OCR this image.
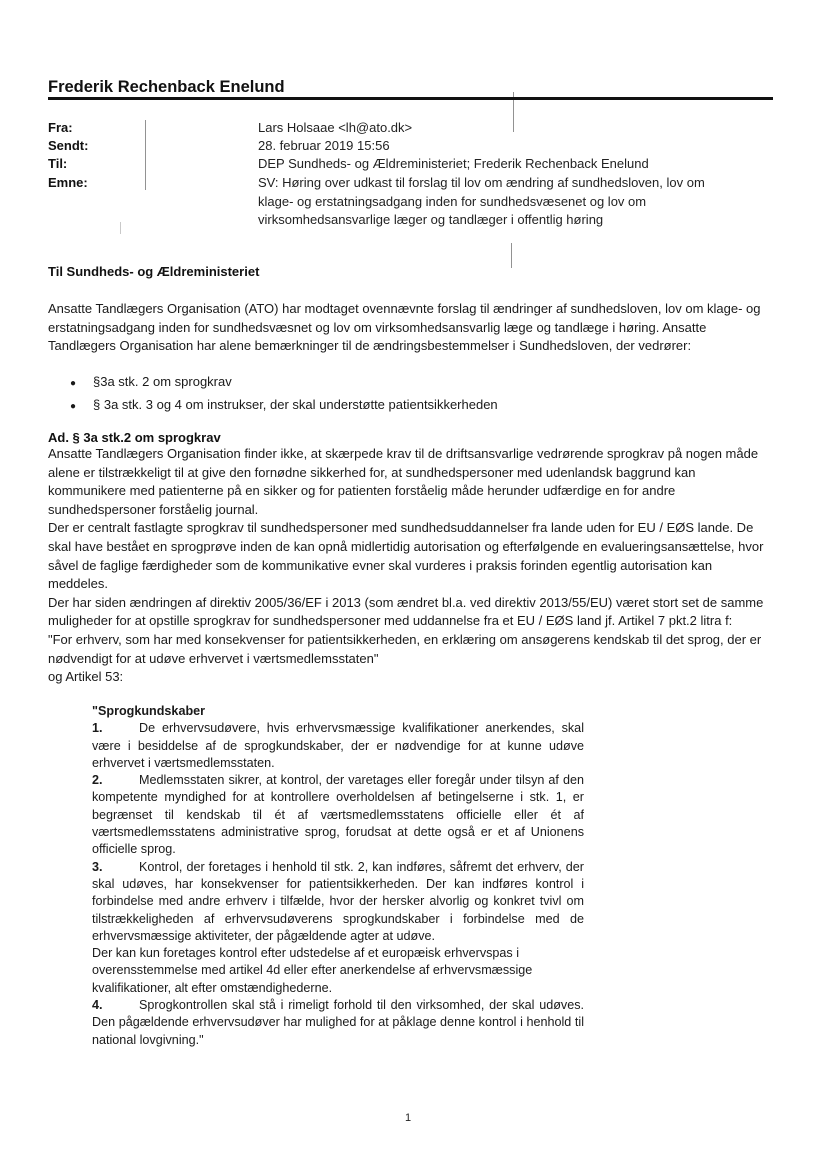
Frederik Rechenback Enelund
Fra:	Lars Holsaae <lh@ato.dk>
Sendt:	28. februar 2019 15:56
Til:	DEP Sundheds- og Ældreministeriet; Frederik Rechenback Enelund
Emne:	SV: Høring over udkast til forslag til lov om ændring af sundhedsloven, lov om klage- og erstatningsadgang inden for sundhedsvæsenet og lov om virksomhedsansvarlige læger og tandlæger i offentlig høring
Til Sundheds- og Ældreministeriet
Ansatte Tandlægers Organisation (ATO) har modtaget ovennævnte forslag til ændringer af sundhedsloven, lov om klage- og erstatningsadgang inden for sundhedsvæsnet og lov om virksomhedsansvarlig læge og tandlæge i høring. Ansatte Tandlægers Organisation har alene bemærkninger til de ændringsbestemmelser i Sundhedsloven, der vedrører:
●	§3a stk. 2 om sprogkrav
●	§ 3a stk. 3 og 4 om instrukser, der skal understøtte patientsikkerheden
Ad. § 3a stk.2 om sprogkrav

Ansatte Tandlægers Organisation finder ikke, at skærpede krav til de driftsansvarlige vedrørende sprogkrav på nogen måde alene er tilstrækkeligt til at give den fornødne sikkerhed for, at sundhedspersoner med udenlandsk baggrund kan kommunikere med patienterne på en sikker og for patienten forståelig måde herunder udfærdige en for andre sundhedspersoner forståelig journal.

Der er centralt fastlagte sprogkrav til sundhedspersoner med sundhedsuddannelser fra lande uden for EU / EØS lande. De skal have bestået en sprogprøve inden de kan opnå midlertidig autorisation og efterfølgende en evalueringsansættelse, hvor såvel de faglige færdigheder som de kommunikative evner skal vurderes i praksis forinden egentlig autorisation kan meddeles.

Der har siden ændringen af direktiv 2005/36/EF i 2013 (som ændret bl.a. ved direktiv 2013/55/EU) været stort set de samme muligheder for at opstille sprogkrav for sundhedspersoner med uddannelse fra et EU / EØS land jf. Artikel 7 pkt.2 litra f:

"For erhverv, som har med konsekvenser for patientsikkerheden, en erklæring om ansøgerens kendskab til det sprog, der er nødvendigt for at udøve erhvervet i værtsmedlemsstaten"

og Artikel 53:

"Sprogkundskaber

1.	De erhvervsudøvere, hvis erhvervsmæssige kvalifikationer anerkendes, skal være i besiddelse af de sprogkundskaber, der er nødvendige for at kunne udøve erhvervet i værtsmedlemsstaten.

2.	Medlemsstaten sikrer, at kontrol, der varetages eller foregår under tilsyn af den kompetente myndighed for at kontrollere overholdelsen af betingelserne i stk. 1, er begrænset til kendskab til ét af værtsmedlemsstatens officielle eller ét af værtsmedlemsstatens administrative sprog, forudsat at dette også er et af Unionens officielle sprog.

3.	Kontrol, der foretages i henhold til stk. 2, kan indføres, såfremt det erhverv, der skal udøves, har konsekvenser for patientsikkerheden. Der kan indføres kontrol i forbindelse med andre erhverv i tilfælde, hvor der hersker alvorlig og konkret tvivl om tilstrækkeligheden af erhvervsudøverens sprogkundskaber i forbindelse med de erhvervsmæssige aktiviteter, der pågældende agter at udøve.

Der kan kun foretages kontrol efter udstedelse af et europæisk erhvervspas i overensstemmelse med artikel 4d eller efter anerkendelse af erhvervsmæssige kvalifikationer, alt efter omstændighederne.

4.	Sprogkontrollen skal stå i rimeligt forhold til den virksomhed, der skal udøves. Den pågældende erhvervsudøver har mulighed for at påklage denne kontrol i henhold til national lovgivning."

1
